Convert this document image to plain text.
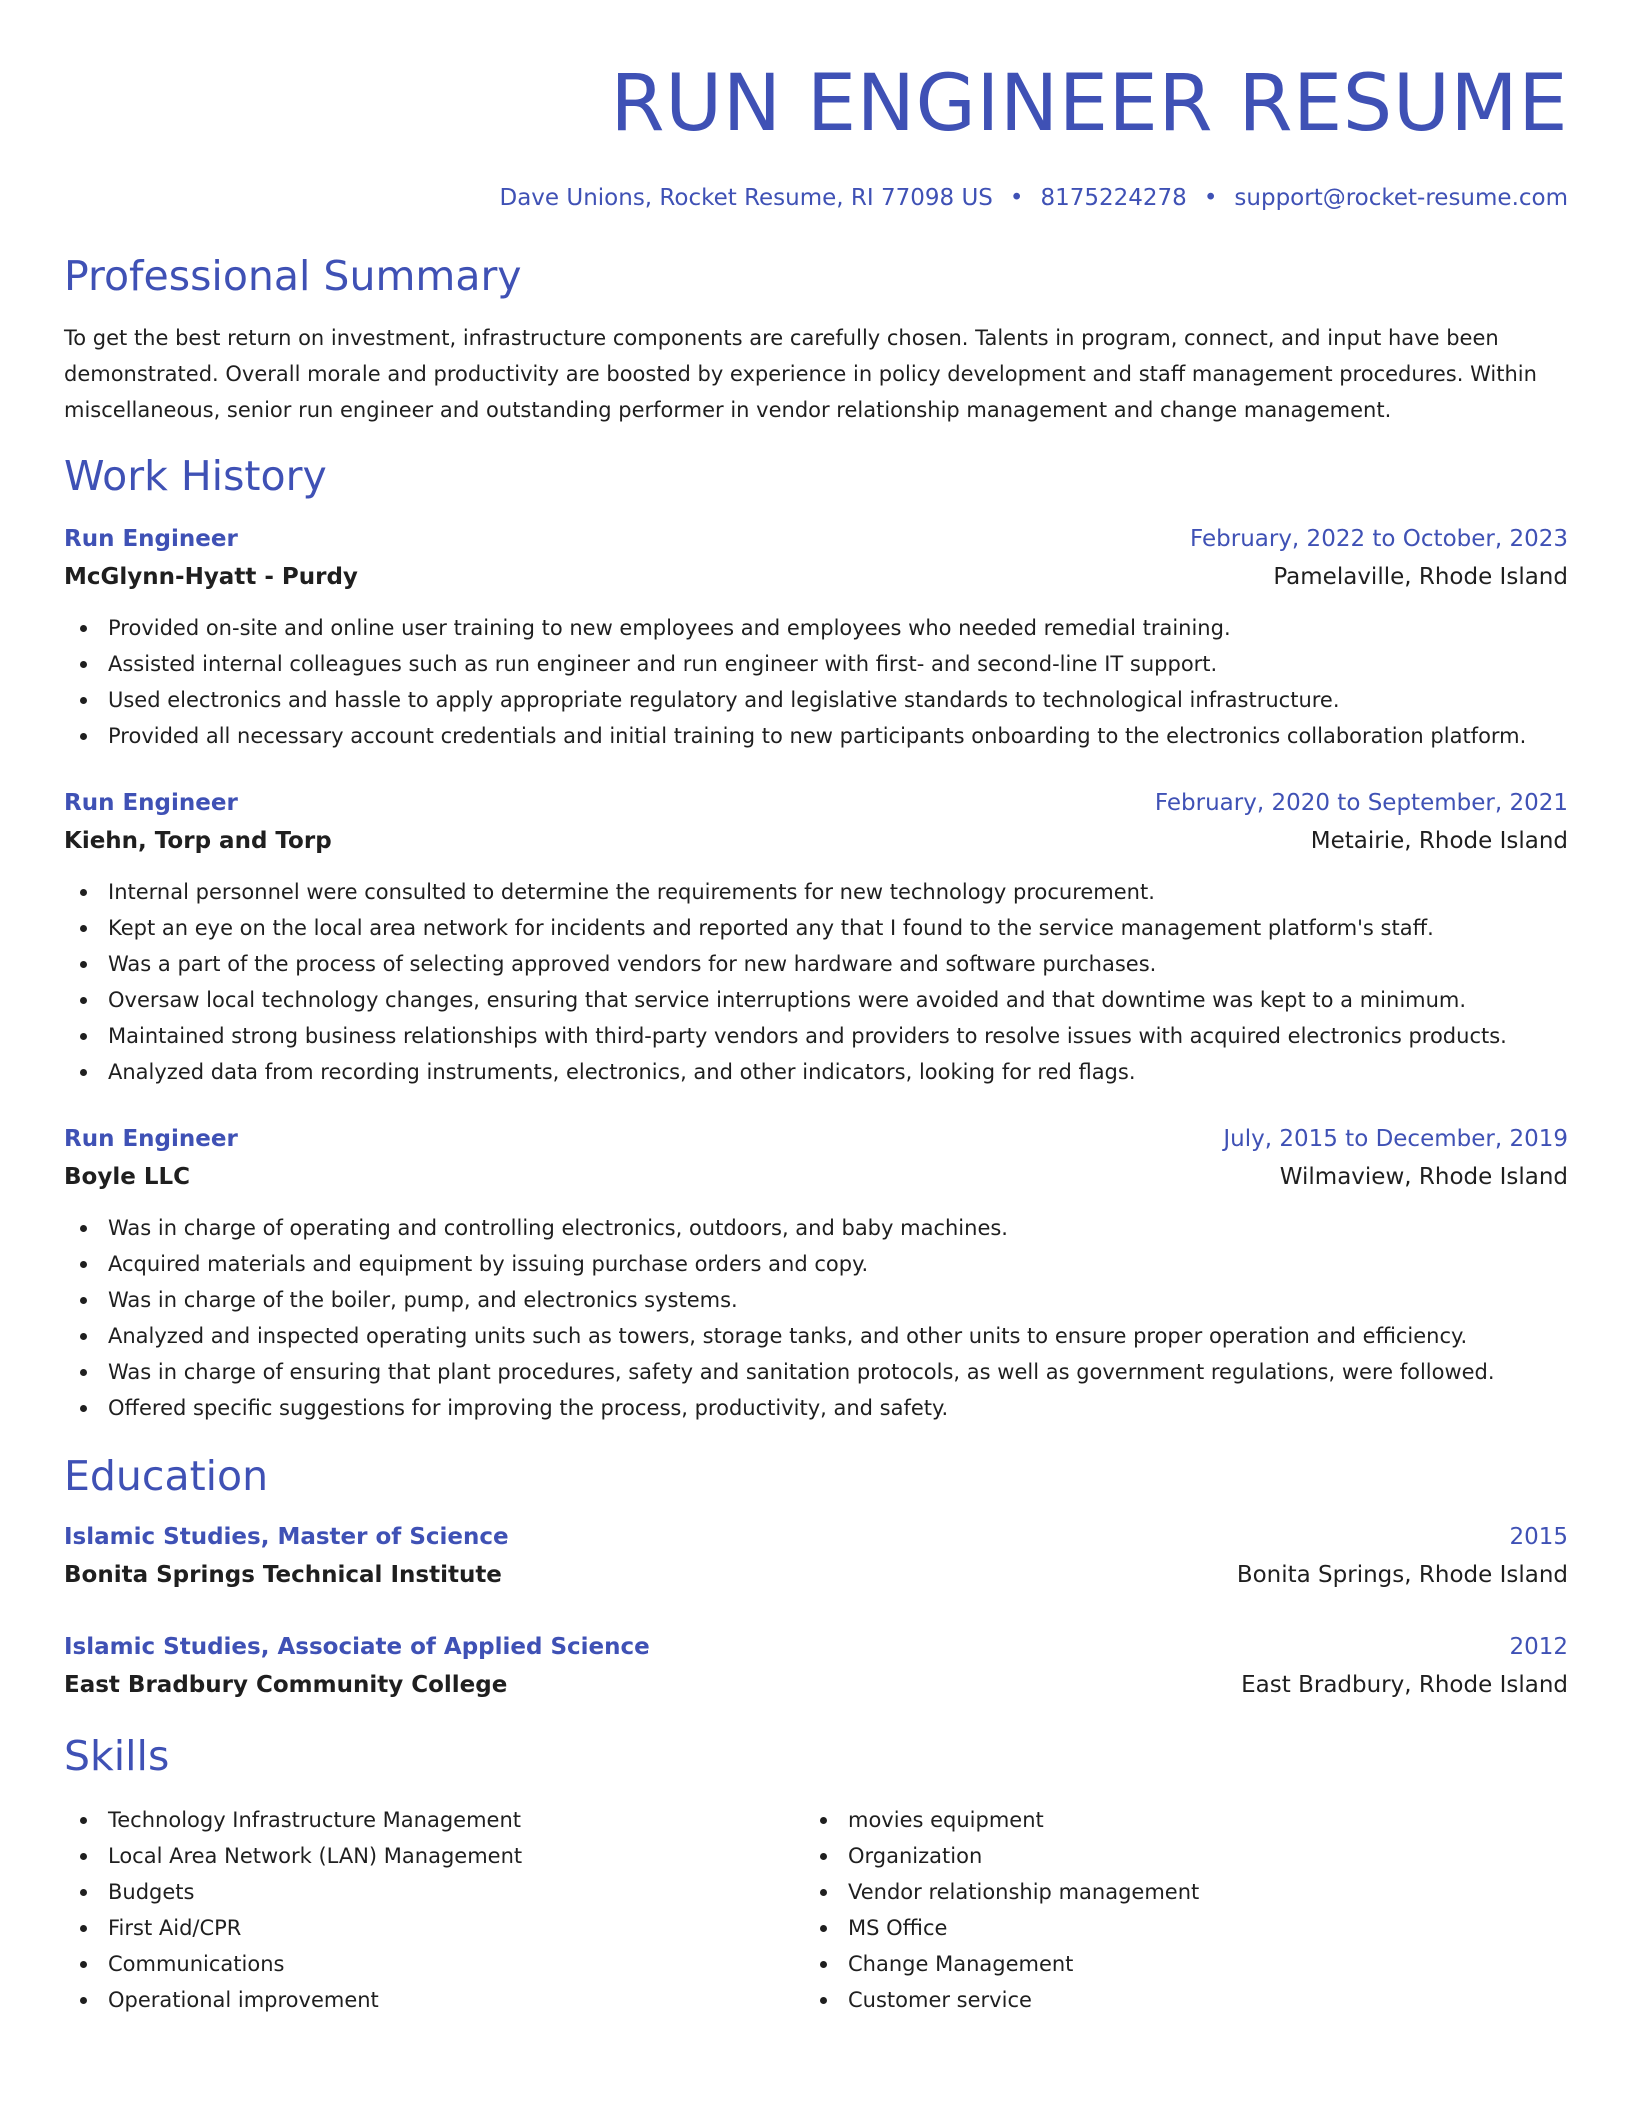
RUN ENGINEER RESUME
Dave Unions, Rocket Resume, RI 77098 US • 8175224278 • support@rocket-resume.com
Professional Summary

To get the best return on investment, infrastructure components are carefully chosen. Talents in program, connect, and input have been demonstrated. Overall morale and productivity are boosted by experience in policy development and staff management procedures. Within miscellaneous, senior run engineer and outstanding performer in vendor relationship management and change management.

Work History
Run Engineer	February, 2022 to October, 2023
McGlynn-Hyatt - Purdy	Pamelaville, Rhode Island
Provided on-site and online user training to new employees and employees who needed remedial training.
Assisted internal colleagues such as run engineer and run engineer with first- and second-line IT support.
Used electronics and hassle to apply appropriate regulatory and legislative standards to technological infrastructure.
Provided all necessary account credentials and initial training to new participants onboarding to the electronics collaboration platform.
Run Engineer	February, 2020 to September, 2021
Kiehn, Torp and Torp	Metairie, Rhode Island
Internal personnel were consulted to determine the requirements for new technology procurement.
Kept an eye on the local area network for incidents and reported any that I found to the service management platform's staff.
Was a part of the process of selecting approved vendors for new hardware and software purchases.
Oversaw local technology changes, ensuring that service interruptions were avoided and that downtime was kept to a minimum.
Maintained strong business relationships with third-party vendors and providers to resolve issues with acquired electronics products.
Analyzed data from recording instruments, electronics, and other indicators, looking for red flags.
Run Engineer	July, 2015 to December, 2019
Boyle LLC	Wilmaview, Rhode Island
Was in charge of operating and controlling electronics, outdoors, and baby machines.
Acquired materials and equipment by issuing purchase orders and copy.
Was in charge of the boiler, pump, and electronics systems.
Analyzed and inspected operating units such as towers, storage tanks, and other units to ensure proper operation and efficiency.
Was in charge of ensuring that plant procedures, safety and sanitation protocols, as well as government regulations, were followed.
Offered specific suggestions for improving the process, productivity, and safety.
Education
Islamic Studies, Master of Science	2015
Bonita Springs Technical Institute	Bonita Springs, Rhode Island
Islamic Studies, Associate of Applied Science	2012
East Bradbury Community College	East Bradbury, Rhode Island
Skills
Technology Infrastructure Management
Local Area Network (LAN) Management
Budgets
First Aid/CPR
Communications
Operational improvement
movies equipment
Organization
Vendor relationship management
MS Office
Change Management
Customer service
